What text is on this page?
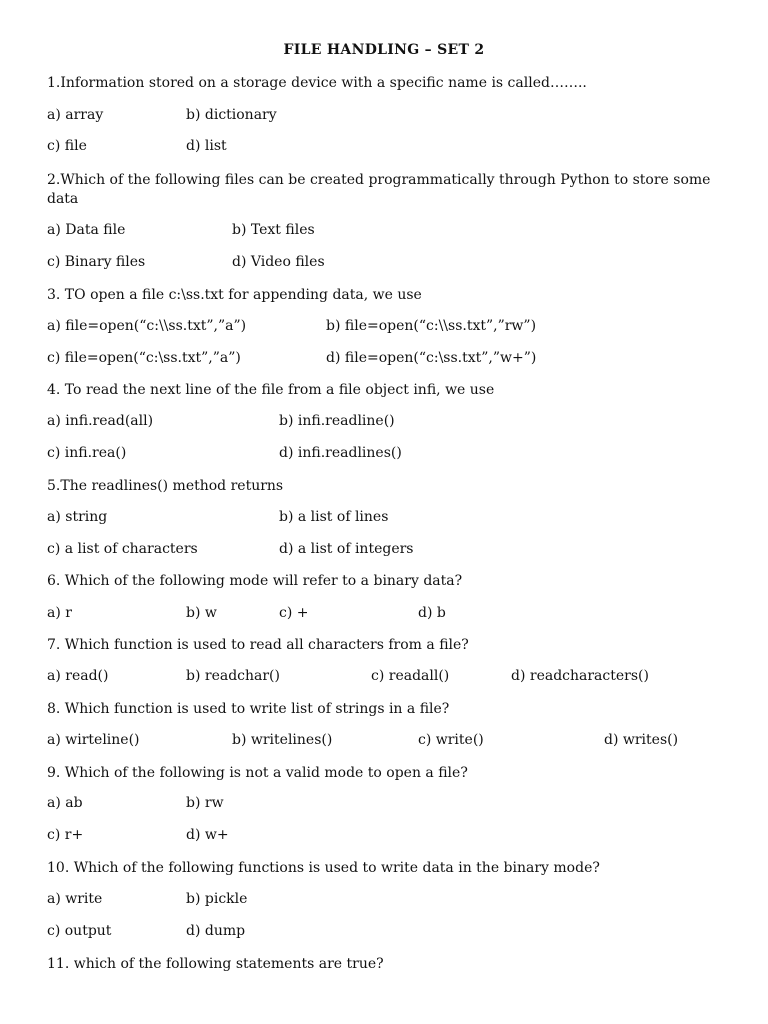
FILE HANDLING – SET 2
1.Information stored on a storage device with a specific name is called……..
a) array	b) dictionary
c) file	d) list
2.Which of the following files can be created programmatically through Python to store some data
a) Data file	b) Text files
c) Binary files	d) Video files
3. TO open a file c:\ss.txt for appending data, we use
a) file=open(“c:\\ss.txt”,”a”)	b) file=open(“c:\\ss.txt”,”rw”)
c) file=open(“c:\ss.txt”,”a”)	d) file=open(“c:\ss.txt”,”w+”)
4. To read the next line of the file from a file object infi, we use
a) infi.read(all)	b) infi.readline()
c) infi.rea()	d) infi.readlines()
5.The readlines() method returns
a) string	b) a list of lines
c) a list of characters	d) a list of integers
6. Which of the following mode will refer to a binary data?
a) r	b) w	c) +	d) b
7. Which function is used to read all characters from a file?
a) read()	b) readchar()	c) readall()	d) readcharacters()
8. Which function is used to write list of strings in a file?
a) wirteline()	b) writelines()	c) write()	d) writes()
9. Which of the following is not a valid mode to open a file?
a) ab	b) rw
c) r+	d) w+
10. Which of the following functions is used to write data in the binary mode?
a) write	b) pickle
c) output	d) dump
11. which of the following statements are true?
